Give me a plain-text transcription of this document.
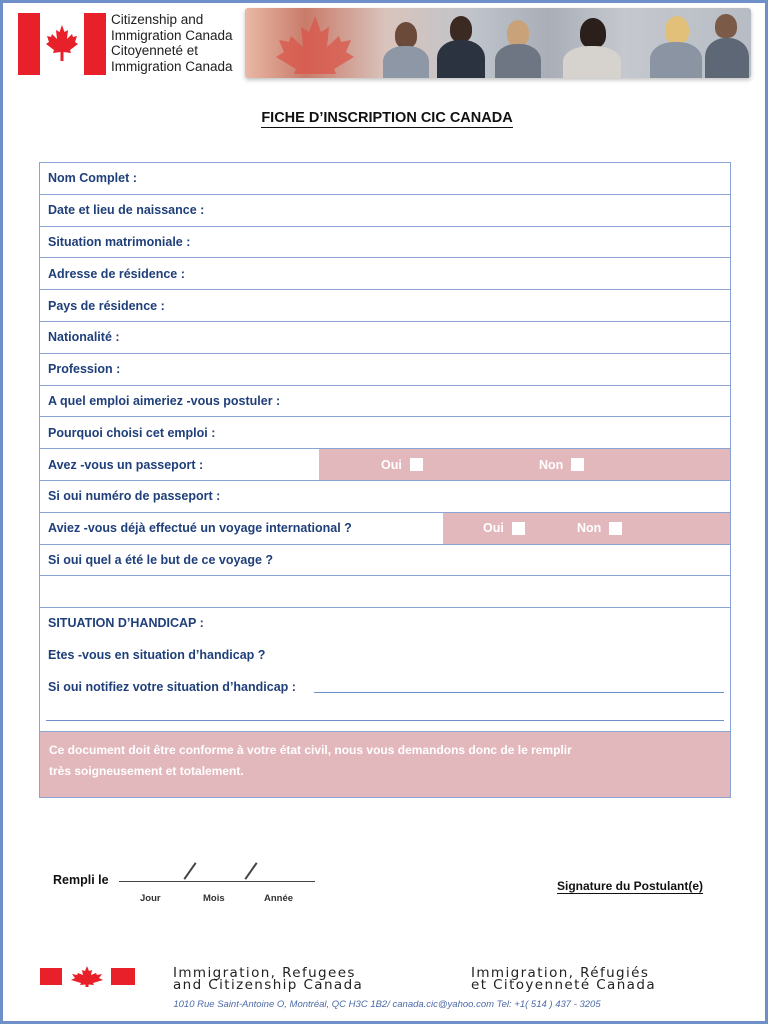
Citizenship and
Immigration Canada
Citoyenneté et
Immigration Canada
FICHE D’INSCRIPTION CIC CANADA
Nom Complet :
Date et lieu de naissance :
Situation matrimoniale :
Adresse de résidence :
Pays de résidence :
Nationalité :
Profession :
A quel emploi aimeriez -vous postuler :
Pourquoi choisi cet emploi :
Avez -vous un passeport :	Oui	Non
Si oui numéro de passeport :
Aviez -vous déjà effectué un voyage international ?	Oui	Non
Si oui quel a été le but de ce voyage ?
SITUATION D’HANDICAP :
Etes -vous en situation d’handicap ?
Si oui notifiez votre situation d’handicap :
Ce document doit être conforme à votre état civil, nous vous demandons donc de le remplir
très soigneusement et totalement.
Rempli le
Jour	Mois	Année
Signature du Postulant(e)
Immigration, Refugees
and Citizenship Canada
Immigration, Réfugiés
et Citoyenneté Canada
1010 Rue Saint-Antoine O, Montréal, QC H3C 1B2/ canada.cic@yahoo.com Tel: +1( 514 ) 437 - 3205
